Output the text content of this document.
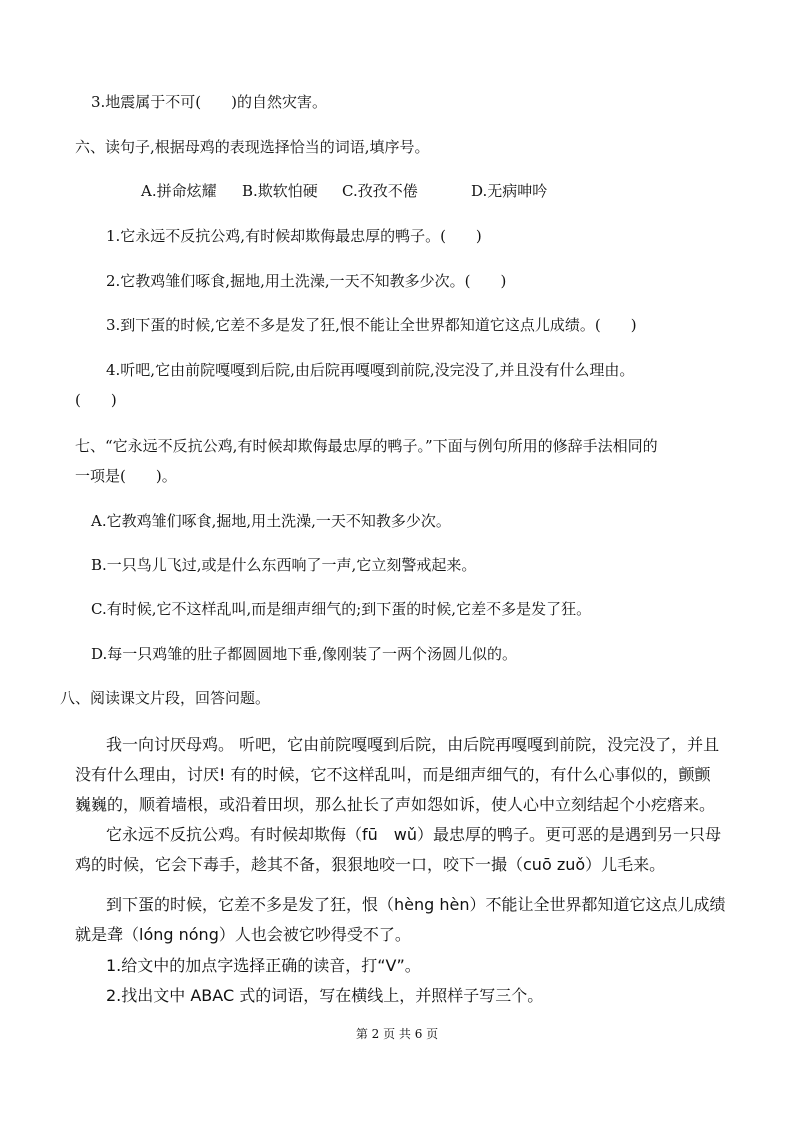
3.地震属于不可(　　)的自然灾害。
六、读句子,根据母鸡的表现选择恰当的词语,填序号。
A.拼命炫耀 B.欺软怕硬 C.孜孜不倦	D.无病呻吟
1.它永远不反抗公鸡,有时候却欺侮最忠厚的鸭子。(　　)
2.它教鸡雏们啄食,掘地,用土洗澡,一天不知教多少次。(　　)
3.到下蛋的时候,它差不多是发了狂,恨不能让全世界都知道它这点儿成绩。(　　)
4.听吧,它由前院嘎嘎到后院,由后院再嘎嘎到前院,没完没了,并且没有什么理由。
(　　)
七、“它永远不反抗公鸡,有时候却欺侮最忠厚的鸭子。”下面与例句所用的修辞手法相同的
一项是(　　)。
A.它教鸡雏们啄食,掘地,用土洗澡,一天不知教多少次。
B.一只鸟儿飞过,或是什么东西响了一声,它立刻警戒起来。
C.有时候,它不这样乱叫,而是细声细气的;到下蛋的时候,它差不多是发了狂。
D.每一只鸡雏的肚子都圆圆地下垂,像刚装了一两个汤圆儿似的。
八、阅读课文片段，回答问题。
我一向讨厌母鸡。 听吧，它由前院嘎嘎到后院，由后院再嘎嘎到前院，没完没了，并且
没有什么理由，讨厌! 有的时候，它不这样乱叫，而是细声细气的，有什么心事似的，颤颤
巍巍的，顺着墙根，或沿着田坝，那么扯长了声如怨如诉，使人心中立刻结起个小疙瘩来。
它永远不反抗公鸡。有时候却欺侮（fū　wǔ）最忠厚的鸭子。更可恶的是遇到另一只母
鸡的时候，它会下毒手，趁其不备，狠狠地咬一口，咬下一撮（cuō zuǒ）儿毛来。
到下蛋的时候，它差不多是发了狂，恨（hèng hèn）不能让全世界都知道它这点儿成绩
就是聋（lóng nóng）人也会被它吵得受不了。
1.给文中的加点字选择正确的读音，打“V”。
2.找出文中 ABAC 式的词语，写在横线上，并照样子写三个。
第 2 页 共 6 页
